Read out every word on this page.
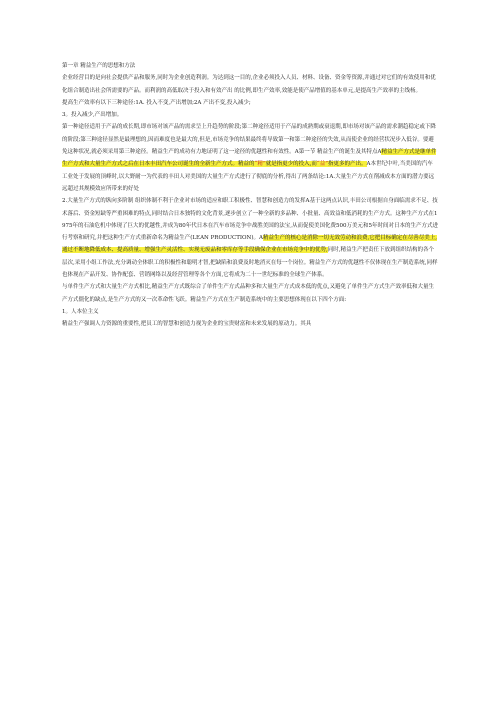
第一章 精益生产的思想和方法

企业经营目的是向社会提供产品和服务,同时为企业创造利润。为达到这一目的,企业必须投入人员、材料、设备、资金等资源,并通过对它们的有效使用和优化组合制造出社会所需要的产品。而利润的高低取决于投入和有效产出 的比例,即生产效率,效能是使产品增值的基本单元,是提高生产效率的主线杨。

提高生产效率有以下三种途径:1A. 投入不变,产出增加;2A 产出不变,投入减少;

3。投入减少,产出增加。

第一种途径适用于产品的成长期,即市场对该产品的需求呈上升趋势的阶段;第二种途径适用于产品的成熟期或衰退期,即市场对该产品的需求潮趋稳定或下降的阶段;第三种途径显然是最理想的,因而难度也是最大的,但是,市场竞争的结果最终将导致第一和第二种途径的失效,从而使企业的经营状况步入低谷。要避免这种状况,就必须采用第三种途径。精益生产的成功有力地证明了这一途径的优越性和有效性。A第一节 精益生产的诞生及其特点A精益生产方式是继单件生产方式和大量生产方式之后在日本丰田汽车公司诞生的全新生产方式。精益的“精”就是指更少的投入,而“益”指更多的产出。A本世纪中叶,当美国的汽车工业处于发展的顶峰时,以大野耐一为代表的丰田人对美国的大量生产方式进行了彻底的分析,得出了两条结论:1A.大量生产方式在削减成本方面的潜力要远远超过其规模效应所带来的好处

2.大量生产方式的纵向多阶制 组织体制不利于企业对市场的适应和职工积极性、智慧和创造力的发挥A基于这两点认识,丰田公司根据自身面临需求不足、技术落后、资金短缺等严重困难的特点,同时结合日本独特的文化背景,逐步创立了一种全新的多品种、小批量、高效益和低消耗的生产方式。这种生产方式在1975年的石油危机中体现了巨大的优越性,并成为80年代日本在汽车市场竞争中战胜美国的法宝,从而促使美国化费500万美元和5年时间对日本的生产方式进行考察和研究,并把这种生产方式重新命名为精益生产(LEAN PRODUCTION)。A精益生产的核心是消除一切无效劳动和浪费,它把目标确定在尽善尽美上,通过不断地降低成本、提高质量、增强生产灵活性、实现无废品和零库存等手段确保企业在市场竞争中的优势,同时,精益生产把责任下放到组织结构的各个层次,采用小组工作法,充分调动全体职工的积极性和聪明才智,把缺陷和浪费及时地消灭在每一个岗位。精益生产方式的优越性不仅体现在生产制造系统,同样也体现在产品开发、协作配套、营销网络以及经营管理等各个方面,它将成为二十一世纪标准的全球生产体系。

与单件生产方式和大量生产方式相比,精益生产方式既综合了单件生产方式品种多和大量生产方式成本低的优点,又避免了单件生产方式生产效率低和大量生产方式僵化的缺点,是生产方式的又一次革命性飞跃。精益生产方式在生产制造系统中的主要思想体现在以下四个方面:

1。人本位主义

精益生产强调人力资源的重要性,把员工的智慧和创造力视为企业的宝贵财富和未来发展的原动力。其具
